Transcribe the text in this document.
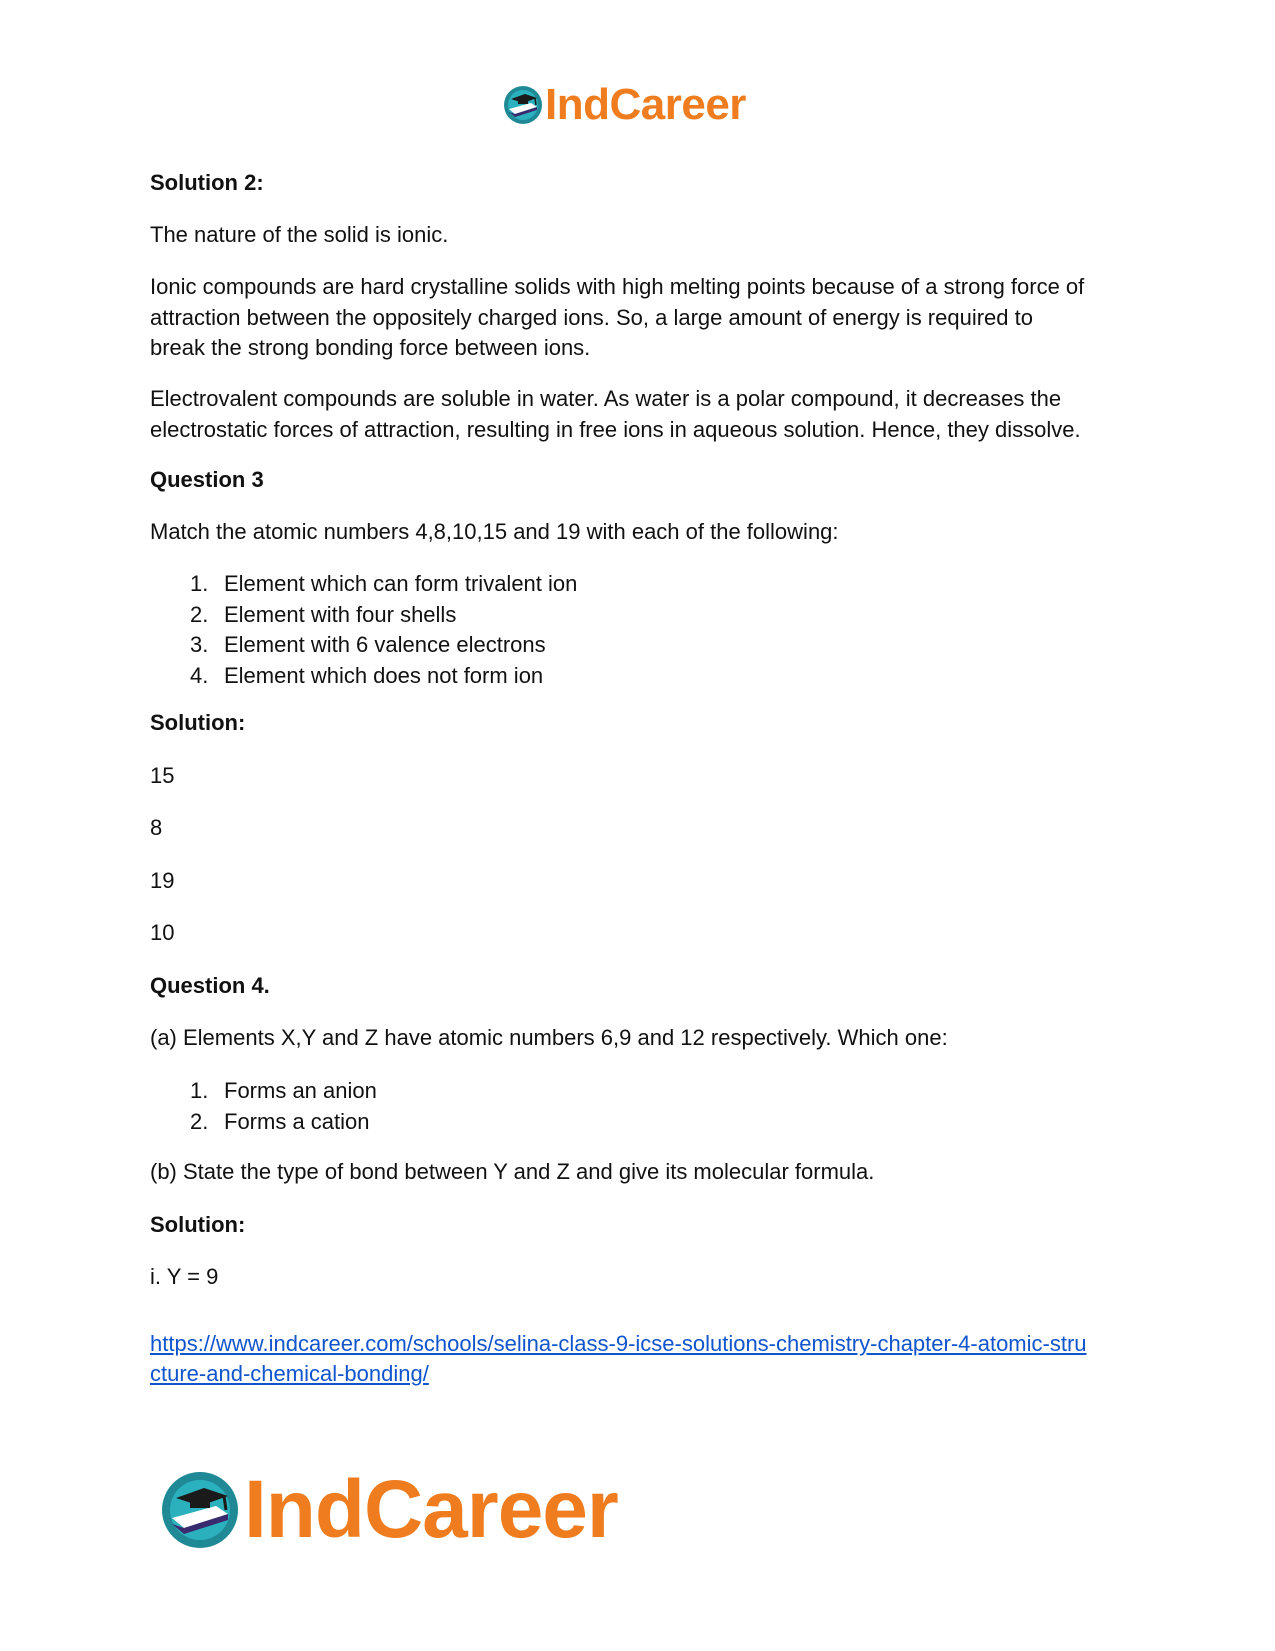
IndCareer

Solution 2:

The nature of the solid is ionic.

Ionic compounds are hard crystalline solids with high melting points because of a strong force of
attraction between the oppositely charged ions. So, a large amount of energy is required to
break the strong bonding force between ions.
Electrovalent compounds are soluble in water. As water is a polar compound, it decreases the
electrostatic forces of attraction, resulting in free ions in aqueous solution. Hence, they dissolve.

Question 3

Match the atomic numbers 4,8,10,15 and 19 with each of the following:

1. Element which can form trivalent ion
2. Element with four shells
3. Element with 6 valence electrons
4. Element which does not form ion

Solution:

15

8

19

10

Question 4.

(a) Elements X,Y and Z have atomic numbers 6,9 and 12 respectively. Which one:

1. Forms an anion
2. Forms a cation

(b) State the type of bond between Y and Z and give its molecular formula.

Solution:

i. Y = 9

https://www.indcareer.com/schools/selina-class-9-icse-solutions-chemistry-chapter-4-atomic-stru
cture-and-chemical-bonding/
IndCareer
